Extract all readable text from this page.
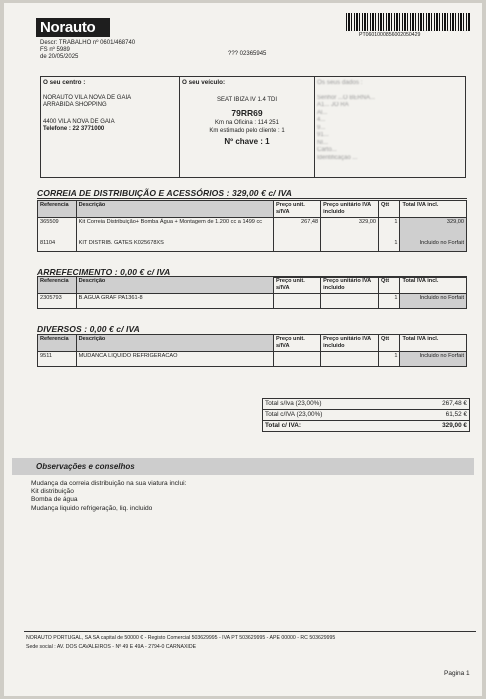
Norauto
Descr: TRABALHO nº 0601/468740
FS nº 5989
de 20/05/2025	??? 02365945
PT0601000856002050429
O seu centro :
NORAUTO VILA NOVA DE GAIA
ARRABIDA SHOPPING
4400 VILA NOVA DE GAIA
Telefone : 22 3771000
O seu veículo:
SEAT IBIZA IV 1.4 TDI
79RR69
Km na Oficina : 114 251
Km estimado pelo cliente : 1
Nº chave : 1
Os seus dados :
Senhor ...O BERNA...
A1... JO RA
Al...
4...
9...
91...
NI...
Carto...
Identificação ...
CORREIA DE DISTRIBUIÇÃO E ACESSÓRIOS : 329,00 € c/ IVA
Referencia	Descrição	Preço unit. s/IVA	Preço unitário IVA incluido	Qtt	Total IVA incl.
365509	Kit Correia Distribuição+ Bomba Água + Montagem de 1.200 cc a 1499 cc	267,48	329,00	1	329,00
81104	KIT DISTRIB. GATES K025678XS			1	Incluido no Forfait
ARREFECIMENTO : 0,00 € c/ IVA
Referencia	Descrição	Preço unit. s/IVA	Preço unitário IVA incluido	Qtt	Total IVA incl.
2305793	B.AGUA GRAF PA1361-8			1	Incluido no Forfait
DIVERSOS : 0,00 € c/ IVA
Referencia	Descrição	Preço unit. s/IVA	Preço unitário IVA incluido	Qtt	Total IVA incl.
9511	MUDANCA LIQUIDO REFRIGERACAO			1	Incluido no Forfait
Total s/Iva (23,00%)	267,48 €
Total c/IVA (23,00%)	61,52 €
Total c/ IVA:	329,00 €
Observações e conselhos
Mudança da correia distribuição na sua viatura inclui:
Kit distribuição
Bomba de água
Mudança liquido refrigeração, liq. incluido
NORAUTO PORTUGAL, SA SA capital de 50000 € - Registo Comercial 503629995 - IVA PT 503629995 - APE 00000 - RC 503629995
Sede social : AV. DOS CAVALEIROS - Nº 49 E 49A - 2794-0 CARNAXIDE
Pagina 1
